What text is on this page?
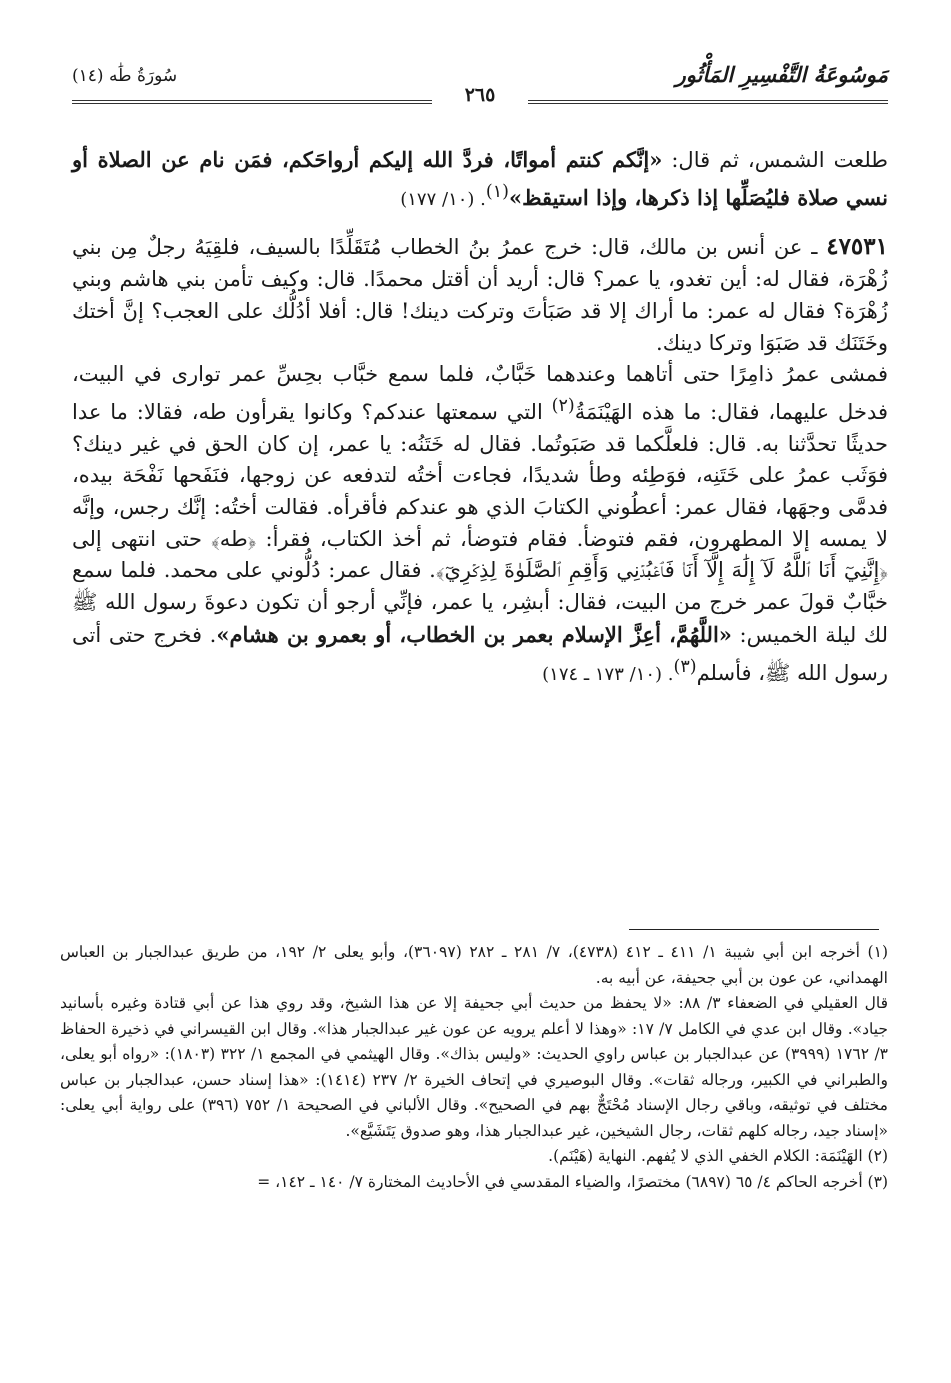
مَوسُوعَةُ التَّفْسِيرِ المَأْثُور
سُورَةُ طَٰه (١٤)
٢٦٥

طلعت الشمس، ثم قال: «إنَّكم كنتم أمواتًا، فردَّ الله إليكم أرواحَكم، فمَن نام عن الصلاة أو نسي صلاة فليُصَلِّها إذا ذكرها، وإذا استيقظ»$^{(١)}$. (١٠/ ١٧٧)

٤٧٥٣١ ـ عن أنس بن مالك، قال: خرج عمرُ بنُ الخطاب مُتَقَلِّدًا بالسيف، فلقِيَهُ رجلٌ مِن بني زُهْرَة، فقال له: أين تغدو، يا عمر؟ قال: أريد أن أقتل محمدًا. قال: وكيف تأمن بني هاشم وبني زُهْرَة؟ فقال له عمر: ما أراك إلا قد صَبَأتَ وتركت دينك! قال: أفلا أدُلُّك على العجب؟ إنَّ أختك وخَتَنَك قد صَبَوَا وتركا دينك.

فمشى عمرُ ذامِرًا حتى أتاهما وعندهما خَبَّابٌ، فلما سمع خبَّاب بحِسِّ عمر توارى في البيت، فدخل عليهما، فقال: ما هذه الهَيْنَمَةُ$^{(٢)}$ التي سمعتها عندكم؟ وكانوا يقرأون طه، فقالا: ما عدا حديثًا تحدَّثنا به. قال: فلعلَّكما قد صَبَوتُما. فقال له خَتَنُه: يا عمر، إن كان الحق في غير دينك؟ فوَثَب عمرُ على خَتَنِه، فوَطِئه وطأ شديدًا، فجاءت أختُه لتدفعه عن زوجها، فنَفَحها نَفْحَة بيده، فدمَّى وجهَها، فقال عمر: أعطُوني الكتابَ الذي هو عندكم فأقرأه. فقالت أختُه: إنَّك رجس، وإنَّه لا يمسه إلا المطهرون، فقم فتوضأ. فقام فتوضأ، ثم أخذ الكتاب، فقرأ: ﴿طه﴾ حتى انتهى إلى ﴿إِنَّنِيٓ أَنَا ٱللَّهُ لَآ إِلَٰهَ إِلَّآ أَنَا۠ فَٱعۡبُدۡنِي وَأَقِمِ ٱلصَّلَوٰةَ لِذِكۡرِيٓ﴾. فقال عمر: دُلُّوني على محمد. فلما سمع خبَّابٌ قولَ عمر خرج من البيت، فقال: أبشِر، يا عمر، فإنِّي أرجو أن تكون دعوةَ رسول الله ﷺ لك ليلة الخميس: «اللَّهُمَّ، أعِزَّ الإسلام بعمر بن الخطاب، أو بعمرو بن هشام». فخرج حتى أتى رسول الله ﷺ، فأسلم$^{(٣)}$. (١٠/ ١٧٣ ـ ١٧٤)

(١) أخرجه ابن أبي شيبة ١/ ٤١١ ـ ٤١٢ (٤٧٣٨)، ٧/ ٢٨١ ـ ٢٨٢ (٣٦٠٩٧)، وأبو يعلى ٢/ ١٩٢، من طريق عبدالجبار بن العباس الهمداني، عن عون بن أبي جحيفة، عن أبيه به.

قال العقيلي في الضعفاء ٣/ ٨٨: «لا يحفظ من حديث أبي جحيفة إلا عن هذا الشيخ، وقد روي هذا عن أبي قتادة وغيره بأسانيد جياد». وقال ابن عدي في الكامل ٧/ ١٧: «وهذا لا أعلم يرويه عن عون غير عبدالجبار هذا». وقال ابن القيسراني في ذخيرة الحفاظ ٣/ ١٧٦٢ (٣٩٩٩) عن عبدالجبار بن عباس راوي الحديث: «وليس بذاك». وقال الهيثمي في المجمع ١/ ٣٢٢ (١٨٠٣): «رواه أبو يعلى، والطبراني في الكبير، ورجاله ثقات». وقال البوصيري في إتحاف الخيرة ٢/ ٢٣٧ (١٤١٤): «هذا إسناد حسن، عبدالجبار بن عباس مختلف في توثيقه، وباقي رجال الإسناد مُحْتَجٌّ بهم في الصحيح». وقال الألباني في الصحيحة ١/ ٧٥٢ (٣٩٦) على رواية أبي يعلى: «إسناد جيد، رجاله كلهم ثقات، رجال الشيخين، غير عبدالجبار هذا، وهو صدوق يَتَشَيَّع».

(٢) الهَيْنَمَة: الكلام الخفي الذي لا يُفهم. النهاية (هَيْنَم).

(٣) أخرجه الحاكم ٤/ ٦٥ (٦٨٩٧) مختصرًا، والضياء المقدسي في الأحاديث المختارة ٧/ ١٤٠ ـ ١٤٢، =
